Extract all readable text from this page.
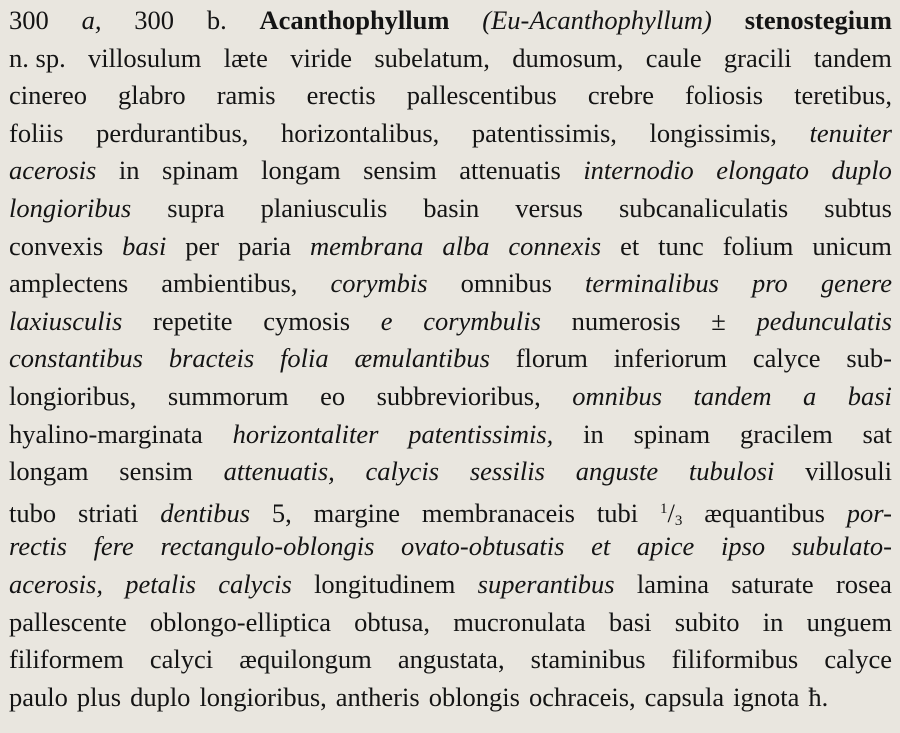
300 a, 300 b. Acanthophyllum (Eu-Acanthophyllum) stenostegium
n. sp. villosulum læte viride subelatum, dumosum, caule gracili tandem
cinereo glabro ramis erectis pallescentibus crebre foliosis teretibus,
foliis perdurantibus, horizontalibus, patentissimis, longissimis, tenuiter
acerosis in spinam longam sensim attenuatis internodio elongato duplo
longioribus supra planiusculis basin versus subcanaliculatis subtus
convexis basi per paria membrana alba connexis et tunc folium unicum
amplectens ambientibus, corymbis omnibus terminalibus pro genere
laxiusculis repetite cymosis e corymbulis numerosis ± pedunculatis
constantibus bracteis folia æmulantibus florum inferiorum calyce sub-
longioribus, summorum eo subbrevioribus, omnibus tandem a basi
hyalino-marginata horizontaliter patentissimis, in spinam gracilem sat
longam sensim attenuatis, calycis sessilis anguste tubulosi villosuli
tubo striati dentibus 5, margine membranaceis tubi $^1/_3$ æquantibus por-
rectis fere rectangulo-oblongis ovato-obtusatis et apice ipso subulato-
acerosis, petalis calycis longitudinem superantibus lamina saturate rosea
pallescente oblongo-elliptica obtusa, mucronulata basi subito in unguem
filiformem calyci æquilongum angustata, staminibus filiformibus calyce
paulo plus duplo longioribus, antheris oblongis ochraceis, capsula ignota ħ.
